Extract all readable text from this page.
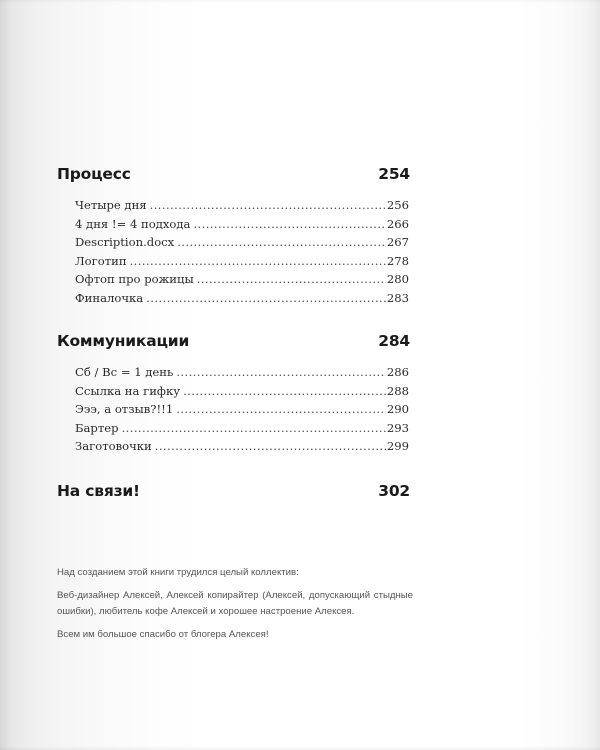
Процесс	254
Четыре дня .....	256
4 дня != 4 подхода .....	266
Description.docx .....	267
Логотип .....	278
Офтоп про рожицы .....	280
Финалочка .....	283
Коммуникации	284
Сб / Вс = 1 день .....	286
Ссылка на гифку .....	288
Эээ, а отзыв?!!1 .....	290
Бартер .....	293
Заготовочки .....	299
На связи!	302

Над созданием этой книги трудился целый коллектив:

Веб-дизайнер Алексей, Алексей копирайтер (Алексей, допускающий стыдные ошибки), любитель кофе Алексей и хорошее настроение Алексея.

Всем им большое спасибо от блогера Алексея!
